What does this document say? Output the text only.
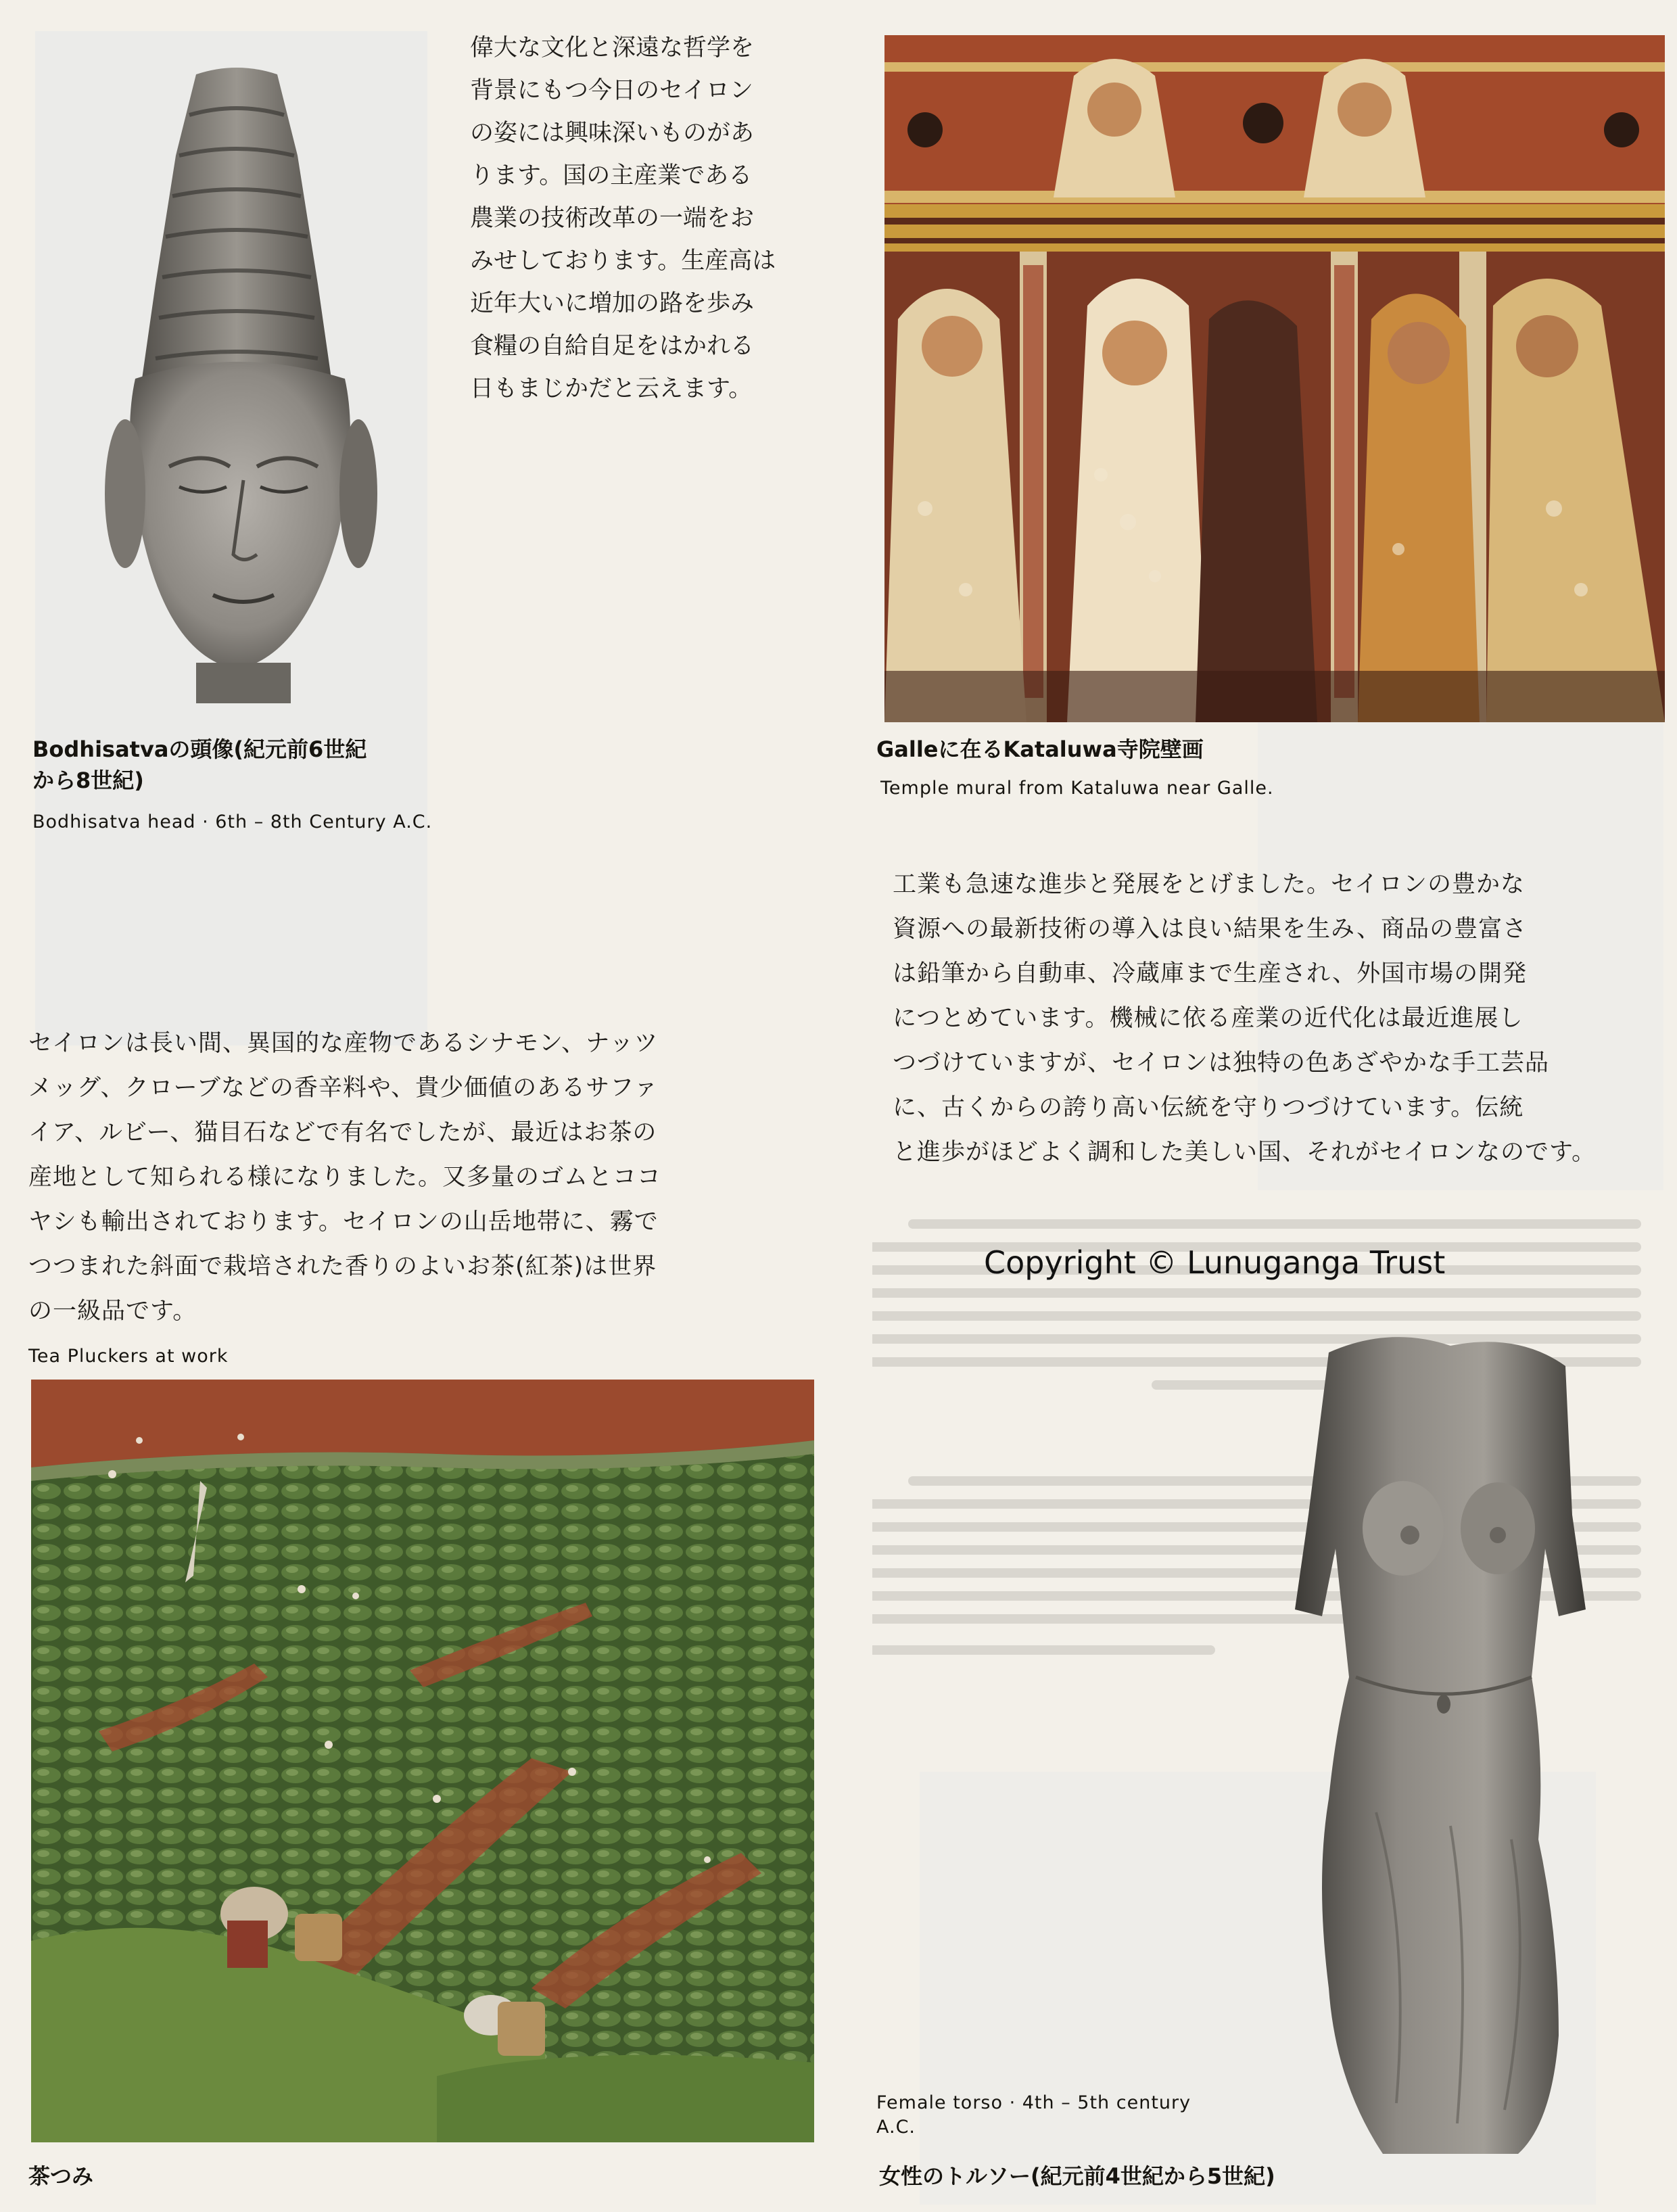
偉大な文化と深遠な哲学を
背景にもつ今日のセイロン
の姿には興味深いものがあ
ります。国の主産業である
農業の技術改革の一端をお
みせしております。生産高は
近年大いに増加の路を歩み
食糧の自給自足をはかれる
日もまじかだと云えます。
Bodhisatvaの頭像(紀元前6世紀
から8世紀)
Bodhisatva head · 6th – 8th Century A.C.
Galleに在るKataluwa寺院壁画
Temple mural from Kataluwa near Galle.
工業も急速な進歩と発展をとげました。セイロンの豊かな
資源への最新技術の導入は良い結果を生み、商品の豊富さ
は鉛筆から自動車、冷蔵庫まで生産され、外国市場の開発
につとめています。機械に依る産業の近代化は最近進展し
つづけていますが、セイロンは独特の色あざやかな手工芸品
に、古くからの誇り高い伝統を守りつづけています。伝統
と進歩がほどよく調和した美しい国、それがセイロンなのです。
セイロンは長い間、異国的な産物であるシナモン、ナッツ
メッグ、クローブなどの香辛料や、貴少価値のあるサファ
イア、ルビー、猫目石などで有名でしたが、最近はお茶の
産地として知られる様になりました。又多量のゴムとココ
ヤシも輸出されております。セイロンの山岳地帯に、霧で
つつまれた斜面で栽培された香りのよいお茶(紅茶)は世界
の一級品です。
Copyright © Lunuganga Trust
Tea Pluckers at work
茶つみ
Female torso · 4th – 5th century
A.C.
女性のトルソー(紀元前4世紀から5世紀)
